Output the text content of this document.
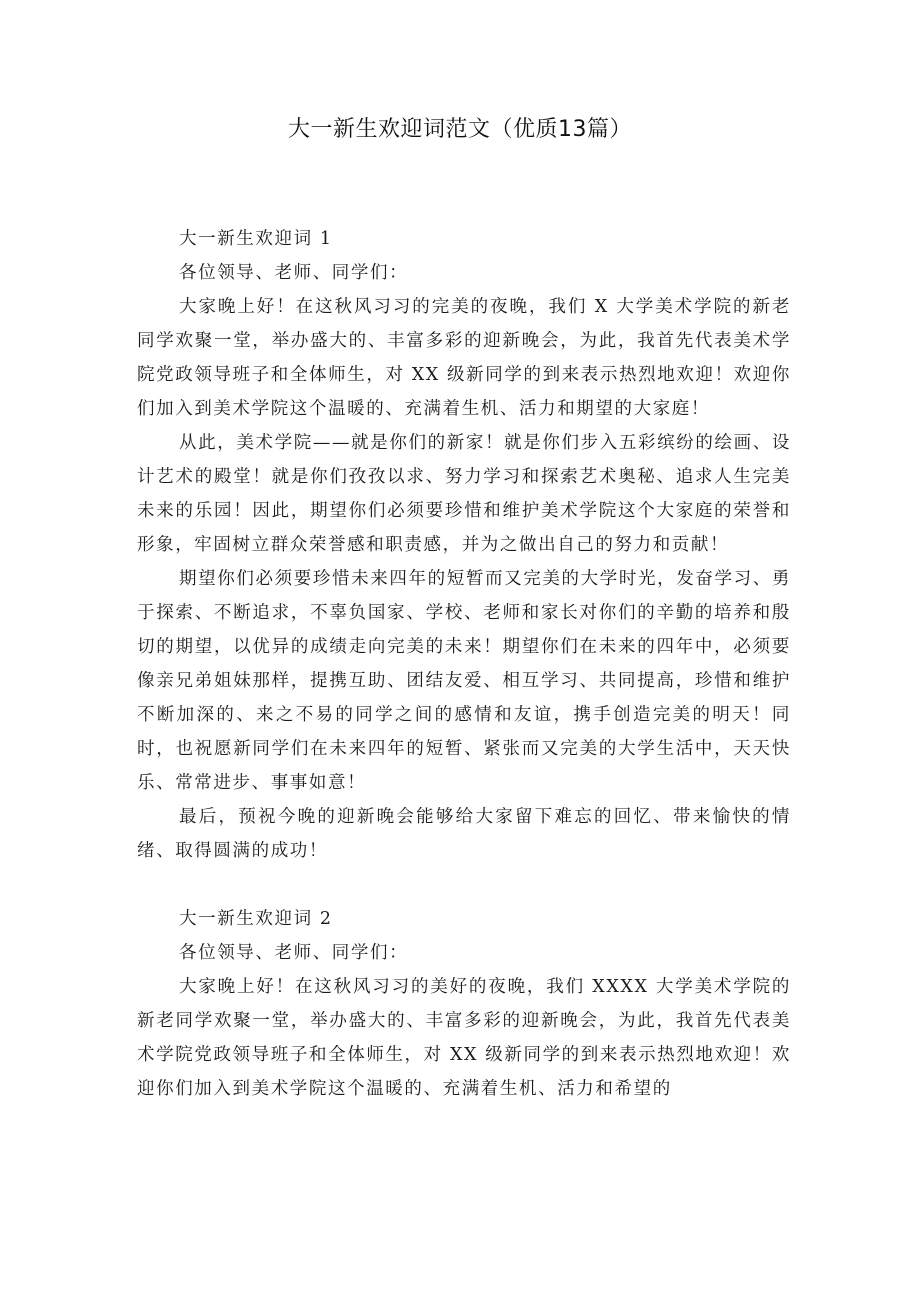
大一新生欢迎词范文（优质13篇）

大一新生欢迎词 1

各位领导、老师、同学们：

大家晚上好！在这秋风习习的完美的夜晚，我们 X 大学美术学院的新老同学欢聚一堂，举办盛大的、丰富多彩的迎新晚会，为此，我首先代表美术学院党政领导班子和全体师生，对 XX 级新同学的到来表示热烈地欢迎！欢迎你们加入到美术学院这个温暖的、充满着生机、活力和期望的大家庭！

从此，美术学院——就是你们的新家！就是你们步入五彩缤纷的绘画、设计艺术的殿堂！就是你们孜孜以求、努力学习和探索艺术奥秘、追求人生完美未来的乐园！因此，期望你们必须要珍惜和维护美术学院这个大家庭的荣誉和形象，牢固树立群众荣誉感和职责感，并为之做出自己的努力和贡献！

期望你们必须要珍惜未来四年的短暂而又完美的大学时光，发奋学习、勇于探索、不断追求，不辜负国家、学校、老师和家长对你们的辛勤的培养和殷切的期望，以优异的成绩走向完美的未来！期望你们在未来的四年中，必须要像亲兄弟姐妹那样，提携互助、团结友爱、相互学习、共同提高，珍惜和维护不断加深的、来之不易的同学之间的感情和友谊，携手创造完美的明天！同时，也祝愿新同学们在未来四年的短暂、紧张而又完美的大学生活中，天天快乐、常常进步、事事如意！

最后，预祝今晚的迎新晚会能够给大家留下难忘的回忆、带来愉快的情绪、取得圆满的成功！

大一新生欢迎词 2

各位领导、老师、同学们：

大家晚上好！在这秋风习习的美好的夜晚，我们 XXXX 大学美术学院的新老同学欢聚一堂，举办盛大的、丰富多彩的迎新晚会，为此，我首先代表美术学院党政领导班子和全体师生，对 XX 级新同学的到来表示热烈地欢迎！欢迎你们加入到美术学院这个温暖的、充满着生机、活力和希望的
